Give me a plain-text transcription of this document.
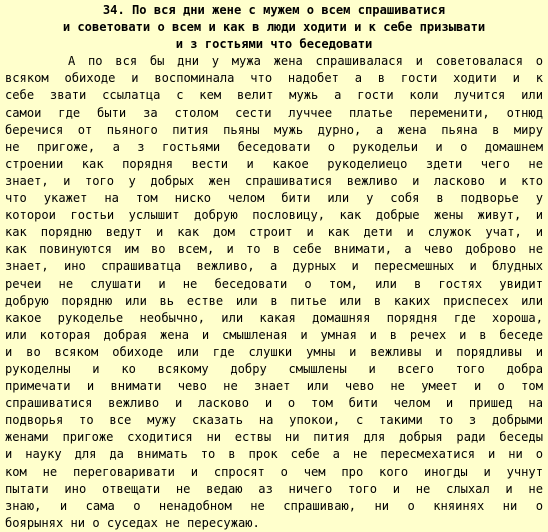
34. По вся дни жене с мужем о всем спрашиватися
и советовати о всем и как в люди ходити и к себе призывати
и з гостьями что беседовати
А по вся бы дни у мужа жена спрашивалася и советовалася о
всяком обиходе и воспоминала что надобет а в гости ходити и к
себе звати ссылатца с кем велит мужь а гости коли лучится или
самои где быти за столом сести луччее платье переменити, отнюд
беречися от пьяного пития пьяны мужь дурно, а жена пьяна в миру
не пригоже, а з гостьями беседовати о рукодельи и о домашнем
строении как порядня вести и какое рукоделиецо здети чего не
знает, и того у добрых жен спрашиватися вежливо и ласково и кто
что укажет на том ниско челом бити или у собя в подворье у
которои гостьи услышит добрую пословицу, как добрые жены живут, и
как порядню ведут и как дом строит и как дети и служок учат, и
как повинуются им во всем, и то в себе внимати, а чево доброво не
знает, ино спрашиватца вежливо, а дурных и пересмешных и блудных
речеи не слушати и не беседовати о том, или в гостях увидит
добрую порядню или вь естве или в питье или в каких приспесех или
какое рукоделье необычно, или какая домашняя порядня где хороша,
или которая добрая жена и смышленая и умная и в речех и в беседе
и во всяком обиходе или где слушки умны и вежливы и порядливы и
рукоделны и ко всякому добру смышлены и всего того добра
примечати и внимати чево не знает или чево не умеет и о том
спрашиватися вежливо и ласково и о том бити челом и пришед на
подворья то все мужу сказать на упокои, с такими то з добрыми
женами пригоже сходитися ни ествы ни пития для добрыя ради беседы
и науку для да внимать то в прок себе а не пересмехатися и ни о
ком не переговаривати и спросят о чем про кого иногды и учнут
пытати ино отвещати не ведаю аз ничего того и не слыхал и не
знаю, и сама о ненадобном не спрашиваю, ни о княинях ни о
боярынях ни о суседах не пересужаю.
